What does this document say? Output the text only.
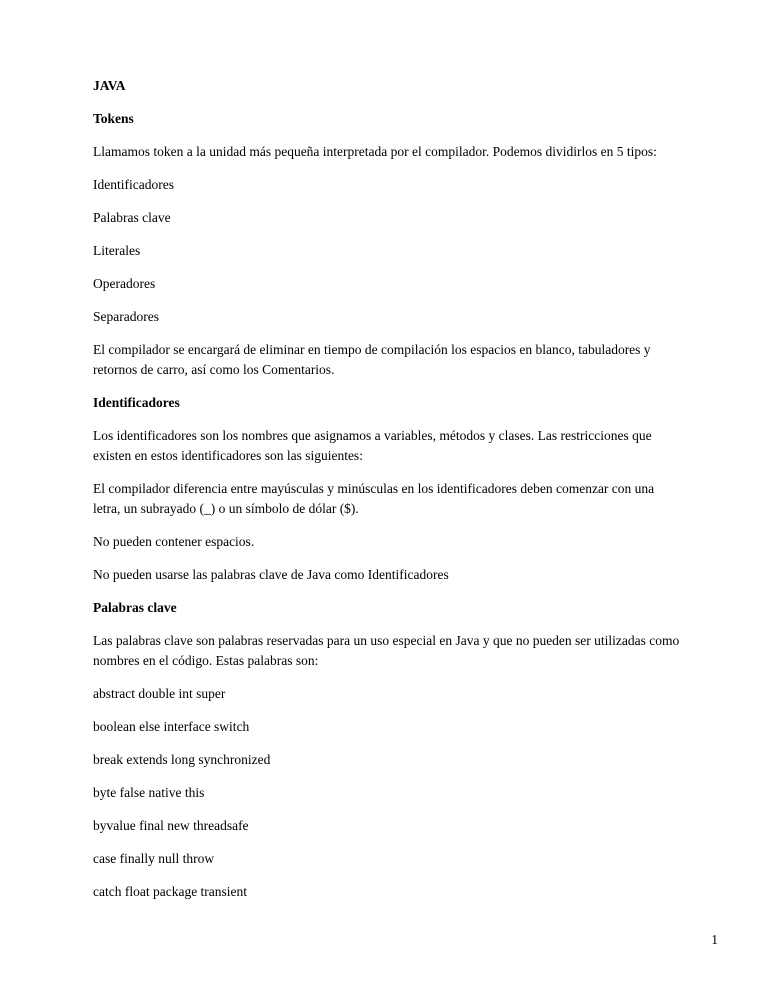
JAVA

Tokens

Llamamos token a la unidad más pequeña interpretada por el compilador. Podemos dividirlos en 5 tipos:

Identificadores

Palabras clave

Literales

Operadores

Separadores

El compilador se encargará de eliminar en tiempo de compilación los espacios en blanco, tabuladores y retornos de carro, así como los Comentarios.

Identificadores

Los identificadores son los nombres que asignamos a variables, métodos y clases. Las restricciones que existen en estos identificadores son las siguientes:

El compilador diferencia entre mayúsculas y minúsculas en los identificadores deben comenzar con una letra, un subrayado (_) o un símbolo de dólar ($).

No pueden contener espacios.

No pueden usarse las palabras clave de Java como Identificadores

Palabras clave

Las palabras clave son palabras reservadas para un uso especial en Java y que no pueden ser utilizadas como nombres en el código. Estas palabras son:

abstract double int super

boolean else interface switch

break extends long synchronized

byte false native this

byvalue final new threadsafe

case finally null throw

catch float package transient

1
